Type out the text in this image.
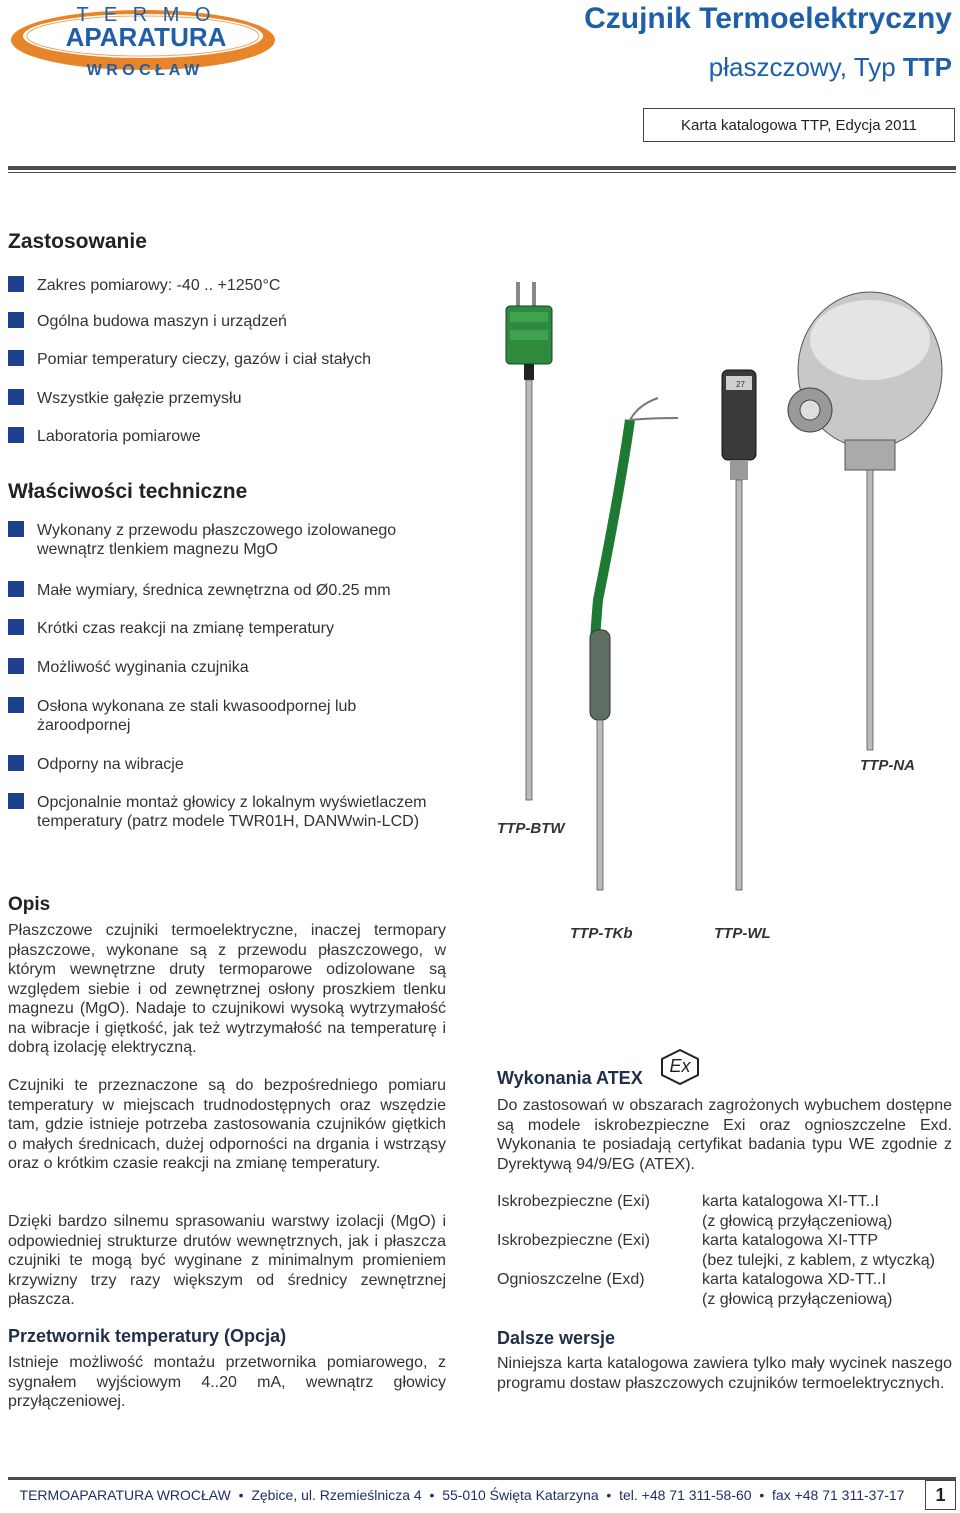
T E R M O
APARATURA
W R O C Ł A W
Czujnik Termoelektryczny
płaszczowy, Typ TTP
Karta katalogowa TTP, Edycja 2011
Zastosowanie
Zakres pomiarowy: -40 .. +1250°C
Ogólna budowa maszyn i urządzeń
Pomiar temperatury cieczy, gazów i ciał stałych
Wszystkie gałęzie przemysłu
Laboratoria pomiarowe
Właściwości techniczne
Wykonany z przewodu płaszczowego izolowanego wewnątrz tlenkiem magnezu MgO
Małe wymiary, średnica zewnętrzna od Ø0.25 mm
Krótki czas reakcji na zmianę temperatury
Możliwość wyginania czujnika
Osłona wykonana ze stali kwasoodpornej lub żaroodpornej
Odporny na wibracje
Opcjonalnie montaż głowicy z lokalnym wyświetlaczem temperatury (patrz modele TWR01H, DANWwin-LCD)
27
TTP-BTW
TTP-TKb	TTP-WL
TTP-NA
Opis
Płaszczowe czujniki termoelektryczne, inaczej termopary płaszczowe, wykonane są z przewodu płaszczowego, w którym wewnętrzne druty termoparowe odizolowane są względem siebie i od zewnętrznej osłony proszkiem tlenku magnezu (MgO). Nadaje to czujnikowi wysoką wytrzymałość na wibracje i giętkość, jak też wytrzymałość na temperaturę i dobrą izolację elektryczną.
Czujniki te przeznaczone są do bezpośredniego pomiaru temperatury w miejscach trudnodostępnych oraz wszędzie tam, gdzie istnieje potrzeba zastosowania czujników giętkich o małych średnicach, dużej odporności na drgania i wstrząsy oraz o krótkim czasie reakcji na zmianę temperatury.
Dzięki bardzo silnemu sprasowaniu warstwy izolacji (MgO) i odpowiedniej strukturze drutów wewnętrznych, jak i płaszcza czujniki te mogą być wyginane z minimalnym promieniem krzywizny trzy razy większym od średnicy zewnętrznej płaszcza.
Przetwornik temperatury (Opcja)
Istnieje możliwość montażu przetwornika pomiarowego, z sygnałem wyjściowym 4..20 mA, wewnątrz głowicy przyłączeniowej.
Wykonania ATEX
Ex
Do zastosowań w obszarach zagrożonych wybuchem dostępne są modele iskrobezpieczne Exi oraz ognioszczelne Exd. Wykonania te posiadają certyfikat badania typu WE zgodnie z Dyrektywą 94/9/EG (ATEX).
Iskrobezpieczne (Exi)	karta katalogowa XI-TT..I
(z głowicą przyłączeniową)
Iskrobezpieczne (Exi)	karta katalogowa XI-TTP
(bez tulejki, z kablem, z wtyczką)
Ognioszczelne (Exd)	karta katalogowa XD-TT..I
(z głowicą przyłączeniową)
Dalsze wersje
Niniejsza karta katalogowa zawiera tylko mały wycinek naszego programu dostaw płaszczowych czujników termoelektrycznych.
TERMOAPARATURA WROCŁAW  •  Zębice, ul. Rzemieślnicza 4  •  55-010 Święta Katarzyna  •  tel. +48 71 311-58-60  •  fax +48 71 311-37-17	1
